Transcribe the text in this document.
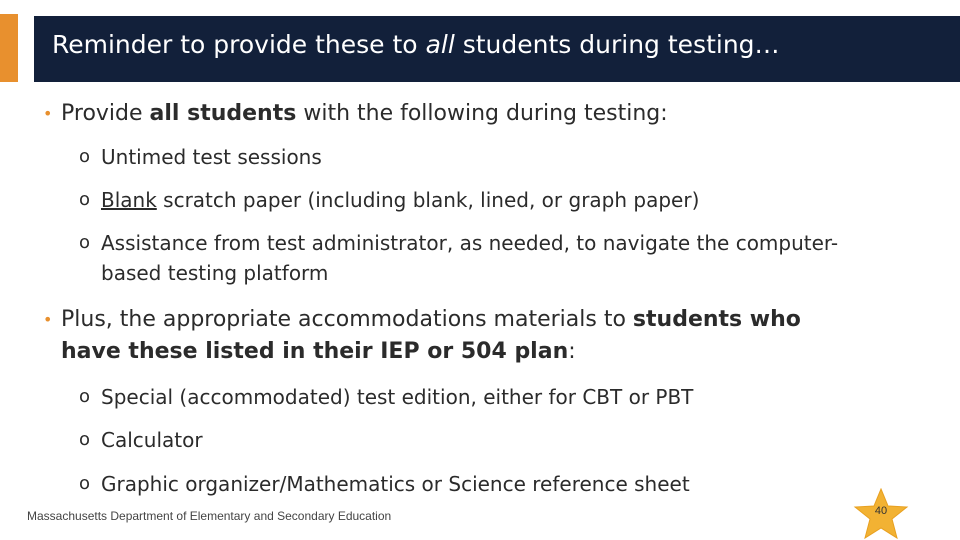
Reminder to provide these to all students during testing…
• Provide all students with the following during testing:
o Untimed test sessions
o Blank scratch paper (including blank, lined, or graph paper)
o Assistance from test administrator, as needed, to navigate the computer-
based testing platform
• Plus, the appropriate accommodations materials to students who
have these listed in their IEP or 504 plan:
o Special (accommodated) test edition, either for CBT or PBT
o Calculator
o Graphic organizer/Mathematics or Science reference sheet
Massachusetts Department of Elementary and Secondary Education	40
